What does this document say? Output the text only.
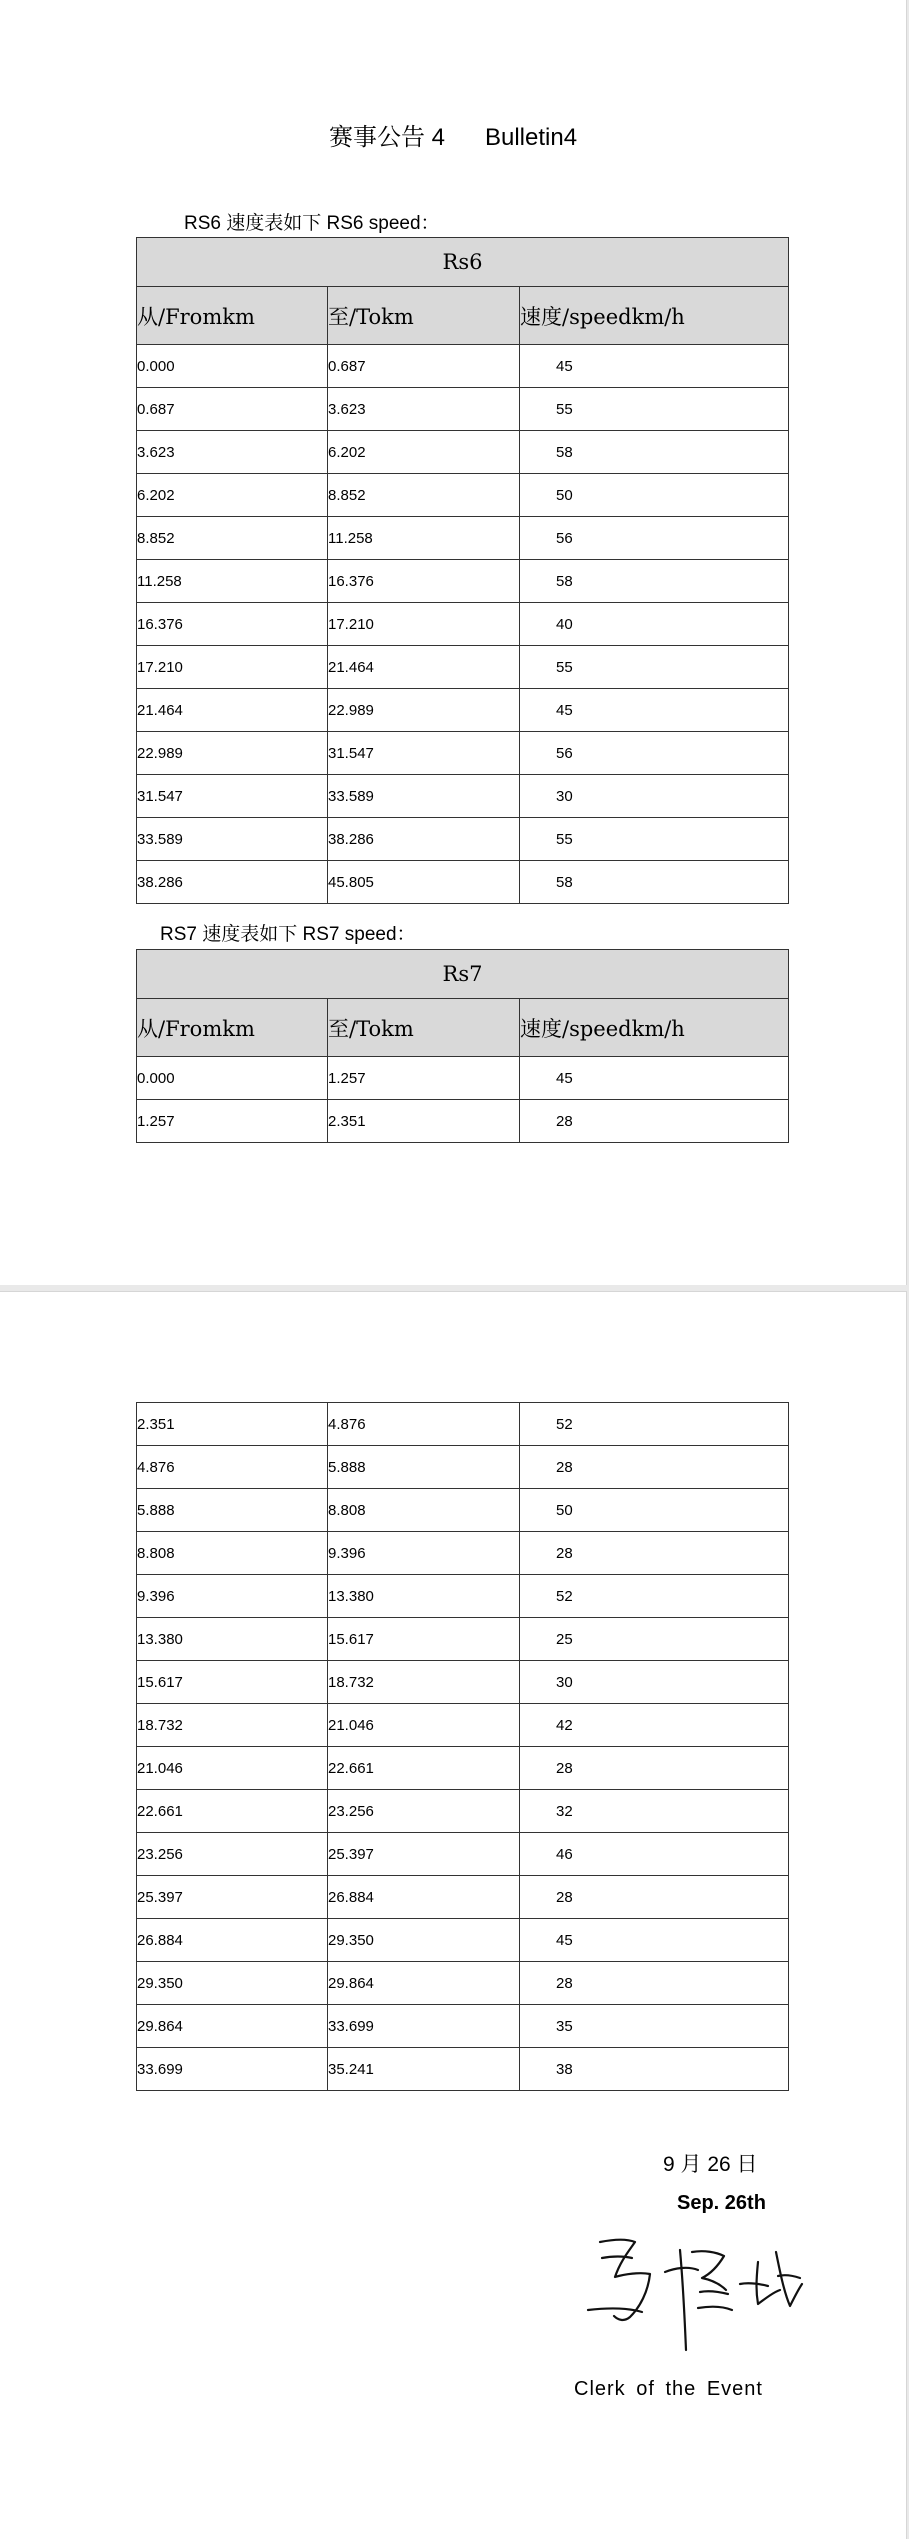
赛事公告 4      Bulletin4
RS6 速度表如下 RS6 speed：
Rs6		
从/Fromkm	至/Tokm	速度/speedkm/h
0.000	0.687	45
0.687	3.623	55
3.623	6.202	58
6.202	8.852	50
8.852	11.258	56
11.258	16.376	58
16.376	17.210	40
17.210	21.464	55
21.464	22.989	45
22.989	31.547	56
31.547	33.589	30
33.589	38.286	55
38.286	45.805	58
RS7 速度表如下 RS7 speed：
Rs7		
从/Fromkm	至/Tokm	速度/speedkm/h
0.000	1.257	45
1.257	2.351	28
2.351	4.876	52
4.876	5.888	28
5.888	8.808	50
8.808	9.396	28
9.396	13.380	52
13.380	15.617	25
15.617	18.732	30
18.732	21.046	42
21.046	22.661	28
22.661	23.256	32
23.256	25.397	46
25.397	26.884	28
26.884	29.350	45
29.350	29.864	28
29.864	33.699	35
33.699	35.241	38
9 月 26 日
Sep. 26th
Clerk of the Event
